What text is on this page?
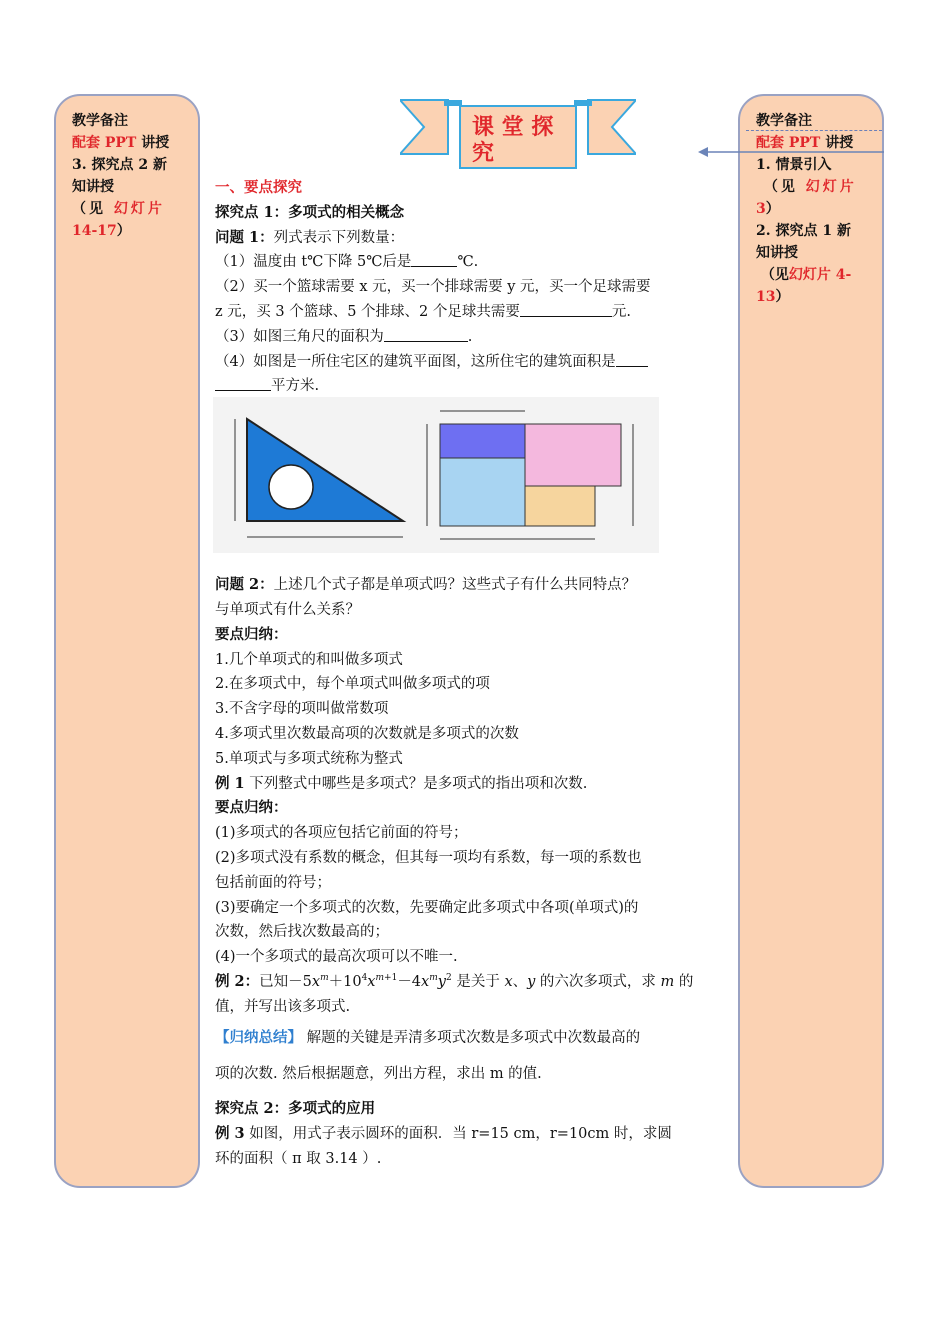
教学备注
配套 PPT 讲授
3. 探究点 2 新
知讲授
（见 幻灯片
14-17）
教学备注
配套 PPT 讲授
1. 情景引入
（见 幻灯片
3）
2. 探究点 1 新
知讲授
（见幻灯片 4-
13）
课 堂 探
究

一、要点探究

探究点 1：多项式的相关概念

问题 1：列式表示下列数量：

（1）温度由 t℃下降 5℃后是	℃.

（2）买一个篮球需要 x 元，买一个排球需要 y 元，买一个足球需要

z 元，买 3 个篮球、5 个排球、2 个足球共需要	元.

（3）如图三角尺的面积为	.

（4）如图是一所住宅区的建筑平面图，这所住宅的建筑面积是

平方米.

问题 2：上述几个式子都是单项式吗？这些式子有什么共同特点？

与单项式有什么关系？

要点归纳：

1.几个单项式的和叫做多项式

2.在多项式中，每个单项式叫做多项式的项

3.不含字母的项叫做常数项

4.多项式里次数最高项的次数就是多项式的次数

5.单项式与多项式统称为整式

例 1 下列整式中哪些是多项式？是多项式的指出项和次数.

要点归纳：

(1)多项式的各项应包括它前面的符号；

(2)多项式没有系数的概念，但其每一项均有系数，每一项的系数也

包括前面的符号；

(3)要确定一个多项式的次数，先要确定此多项式中各项(单项式)的

次数，然后找次数最高的；

(4)一个多项式的最高次项可以不唯一.

例 2：已知$-5x^m+10^4x^{m+1}-4x^my^2$ 是关于 x、y 的六次多项式，求 m 的

值，并写出该多项式.

【归纳总结】 解题的关键是弄清多项式次数是多项式中次数最高的

项的次数. 然后根据题意，列出方程，求出 m 的值.

探究点 2：多项式的应用

例 3 如图，用式子表示圆环的面积．当 r=15 cm，r=10cm 时，求圆

环的面积（ π 取 3.14 ）.
